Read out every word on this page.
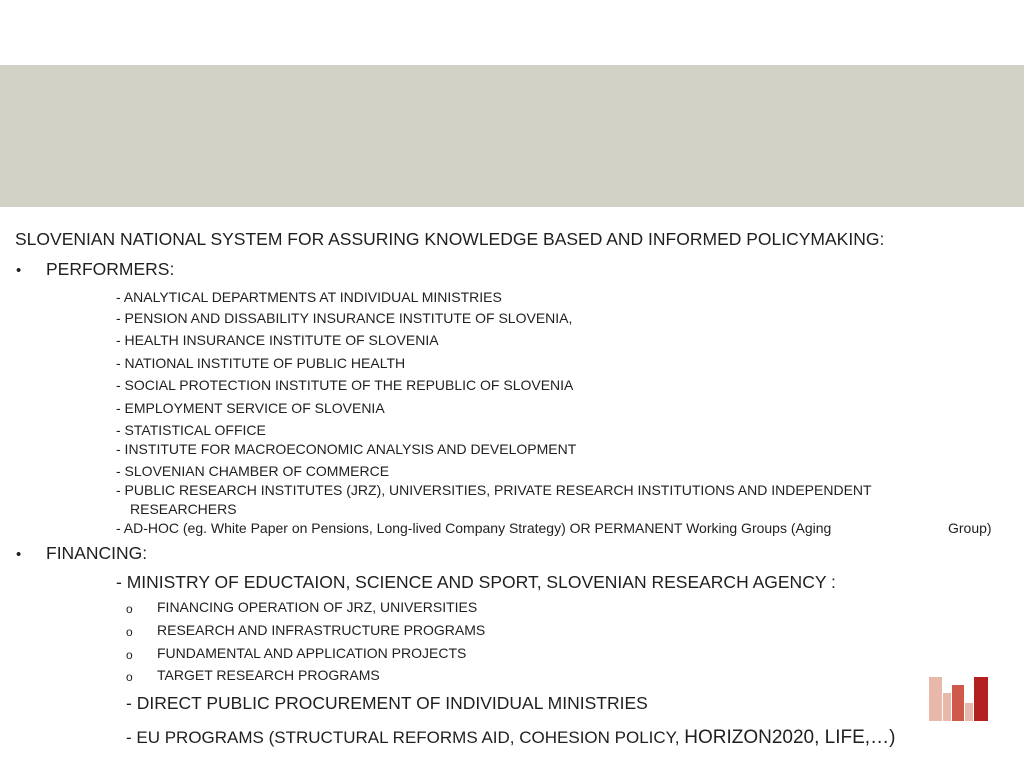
SLOVENIAN NATIONAL SYSTEM FOR ASSURING KNOWLEDGE BASED AND INFORMED POLICYMAKING:
• PERFORMERS:
- ANALYTICAL DEPARTMENTS AT INDIVIDUAL MINISTRIES
- PENSION AND DISSABILITY INSURANCE INSTITUTE OF SLOVENIA,
- HEALTH INSURANCE INSTITUTE OF SLOVENIA
- NATIONAL INSTITUTE OF PUBLIC HEALTH
- SOCIAL PROTECTION INSTITUTE OF THE REPUBLIC OF SLOVENIA
- EMPLOYMENT SERVICE OF SLOVENIA
- STATISTICAL OFFICE
- INSTITUTE FOR MACROECONOMIC ANALYSIS AND DEVELOPMENT
- SLOVENIAN CHAMBER OF COMMERCE
- PUBLIC RESEARCH INSTITUTES (JRZ), UNIVERSITIES, PRIVATE RESEARCH INSTITUTIONS AND INDEPENDENT
RESEARCHERS
- AD-HOC (eg. White Paper on Pensions, Long-lived Company Strategy) OR PERMANENT Working Groups (Aging	Group)
• FINANCING:
- MINISTRY OF EDUCTAION, SCIENCE AND SPORT, SLOVENIAN RESEARCH AGENCY :
o FINANCING OPERATION OF JRZ, UNIVERSITIES
o RESEARCH AND INFRASTRUCTURE PROGRAMS
o FUNDAMENTAL AND APPLICATION PROJECTS
o TARGET RESEARCH PROGRAMS
- DIRECT PUBLIC PROCUREMENT OF INDIVIDUAL MINISTRIES
- EU PROGRAMS (STRUCTURAL REFORMS AID, COHESION POLICY, HORIZON2020, LIFE,…)
